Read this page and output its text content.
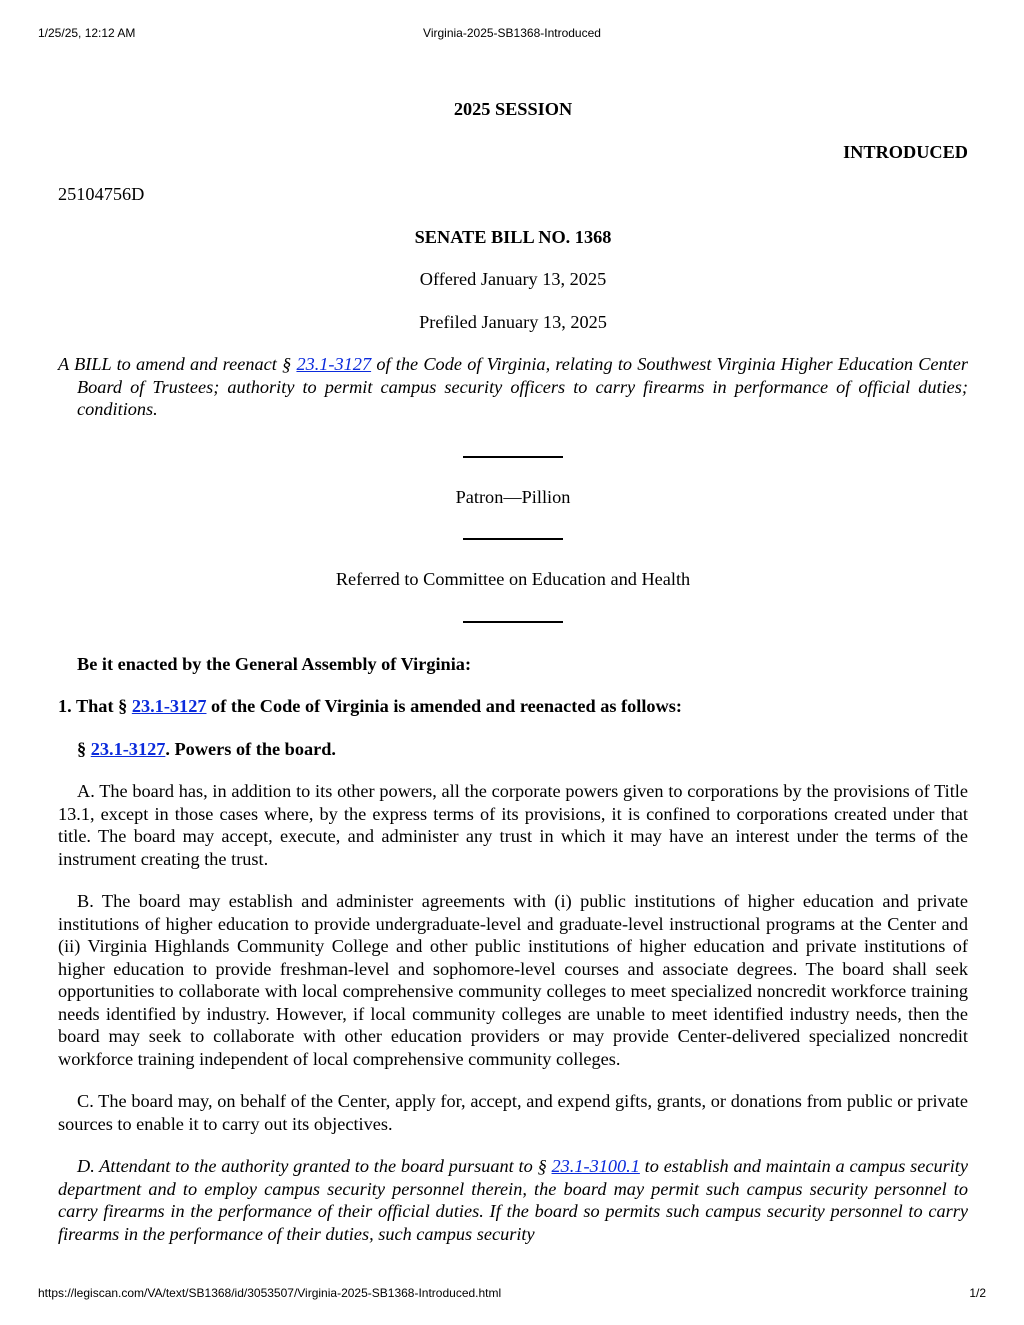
1/25/25, 12:12 AM	Virginia-2025-SB1368-Introduced

2025 SESSION

INTRODUCED

25104756D

SENATE BILL NO. 1368

Offered January 13, 2025

Prefiled January 13, 2025

A BILL to amend and reenact § 23.1-3127 of the Code of Virginia, relating to Southwest Virginia Higher Education Center Board of Trustees; authority to permit campus security officers to carry firearms in performance of official duties; conditions.

Patron—Pillion

Referred to Committee on Education and Health

Be it enacted by the General Assembly of Virginia:

1. That § 23.1-3127 of the Code of Virginia is amended and reenacted as follows:

§ 23.1-3127. Powers of the board.

A. The board has, in addition to its other powers, all the corporate powers given to corporations by the provisions of Title 13.1, except in those cases where, by the express terms of its provisions, it is confined to corporations created under that title. The board may accept, execute, and administer any trust in which it may have an interest under the terms of the instrument creating the trust.

B. The board may establish and administer agreements with (i) public institutions of higher education and private institutions of higher education to provide undergraduate-level and graduate-level instructional programs at the Center and (ii) Virginia Highlands Community College and other public institutions of higher education and private institutions of higher education to provide freshman-level and sophomore-level courses and associate degrees. The board shall seek opportunities to collaborate with local comprehensive community colleges to meet specialized noncredit workforce training needs identified by industry. However, if local community colleges are unable to meet identified industry needs, then the board may seek to collaborate with other education providers or may provide Center-delivered specialized noncredit workforce training independent of local comprehensive community colleges.

C. The board may, on behalf of the Center, apply for, accept, and expend gifts, grants, or donations from public or private sources to enable it to carry out its objectives.

D. Attendant to the authority granted to the board pursuant to § 23.1-3100.1 to establish and maintain a campus security department and to employ campus security personnel therein, the board may permit such campus security personnel to carry firearms in the performance of their official duties. If the board so permits such campus security personnel to carry firearms in the performance of their duties, such campus security

https://legiscan.com/VA/text/SB1368/id/3053507/Virginia-2025-SB1368-Introduced.html	1/2
